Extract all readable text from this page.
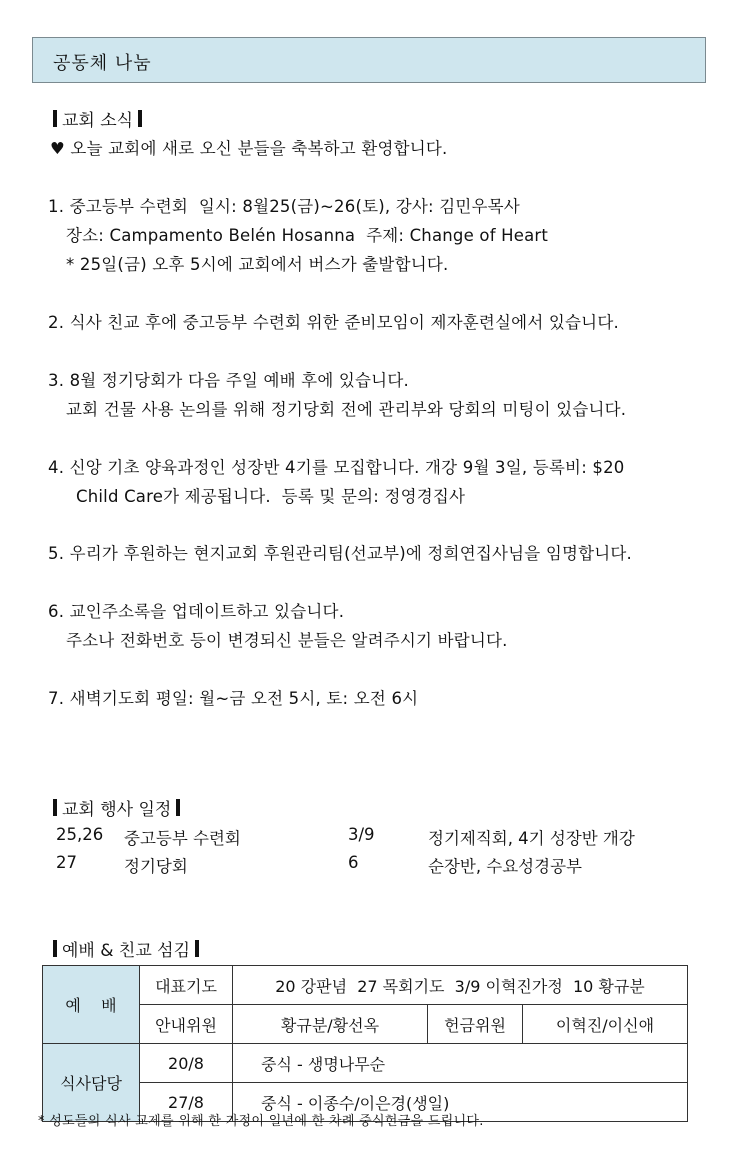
공동체 나눔
교회 소식
♥ 오늘 교회에 새로 오신 분들을 축복하고 환영합니다.
1. 중고등부 수련회  일시: 8월25(금)~26(토), 강사: 김민우목사
장소: Campamento Belén Hosanna  주제: Change of Heart
* 25일(금) 오후 5시에 교회에서 버스가 출발합니다.
2. 식사 친교 후에 중고등부 수련회 위한 준비모임이 제자훈련실에서 있습니다.
3. 8월 정기당회가 다음 주일 예배 후에 있습니다.
교회 건물 사용 논의를 위해 정기당회 전에 관리부와 당회의 미팅이 있습니다.
4. 신앙 기초 양육과정인 성장반 4기를 모집합니다. 개강 9월 3일, 등록비: $20
Child Care가 제공됩니다.  등록 및 문의: 정영경집사
5. 우리가 후원하는 현지교회 후원관리팀(선교부)에 정희연집사님을 임명합니다.
6. 교인주소록을 업데이트하고 있습니다.
주소나 전화번호 등이 변경되신 분들은 알려주시기 바랍니다.
7. 새벽기도회 평일: 월~금 오전 5시, 토: 오전 6시
교회 행사 일정
25,26 중고등부 수련회	3/9	정기제직회, 4기 성장반 개강
27	정기당회	6	순장반, 수요성경공부
예배 & 친교 섬김
예    배	대표기도	20 강판념  27 목회기도  3/9 이혁진가정  10 황규분		
	안내위원	황규분/황선옥	헌금위원	이혁진/이신애
식사담당	20/8	중식 - 생명나무순		
	27/8	중식 - 이종수/이은경(생일)		
* 성도들의 식사 교제를 위해 한 가정이 일년에 한 차례 중식헌금을 드립니다.
